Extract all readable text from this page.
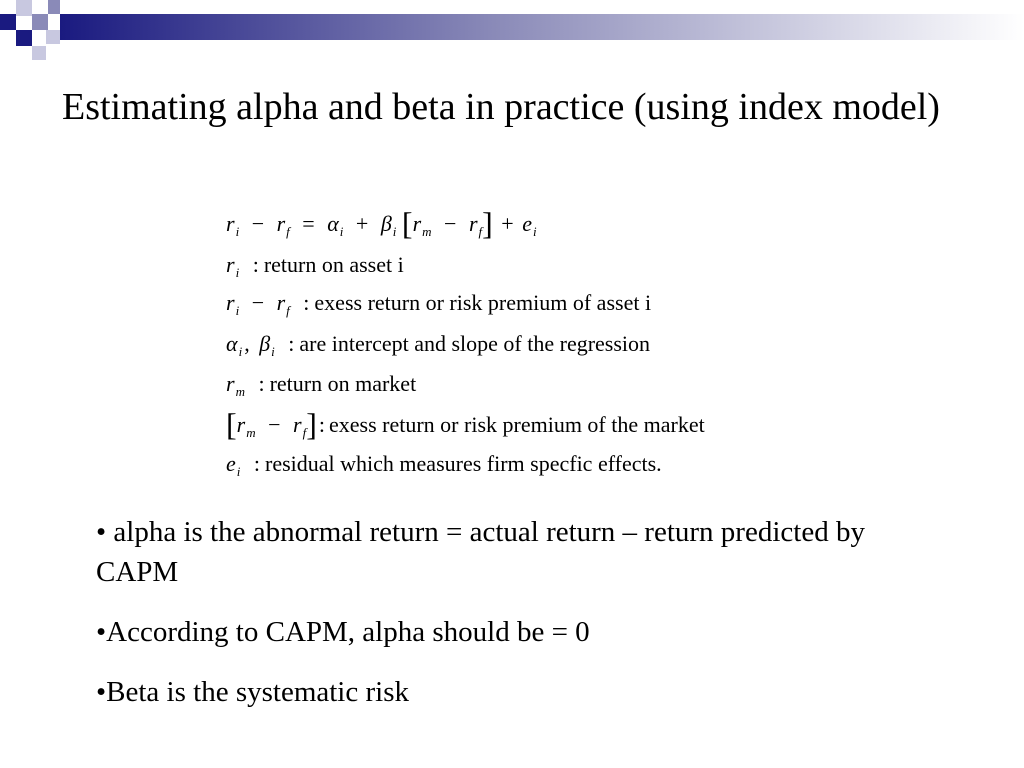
Estimating alpha and beta in practice (using index model)
$r_i - r_f = \alpha_i + \beta_i$ $[r_m - r_f] + e_i$
$r_i$ : return on asset i
$r_i - r_f$ : exess return or risk premium of asset i
$\alpha_i$, $\beta_i$ : are intercept and slope of the regression
$r_m$ : return on market
$[r_m - r_f]$: exess return or risk premium of the market
$e_i$ : residual which measures firm specfic effects.

• alpha is the abnormal return = actual return – return predicted by CAPM

•According to CAPM, alpha should be = 0

•Beta is the systematic risk
